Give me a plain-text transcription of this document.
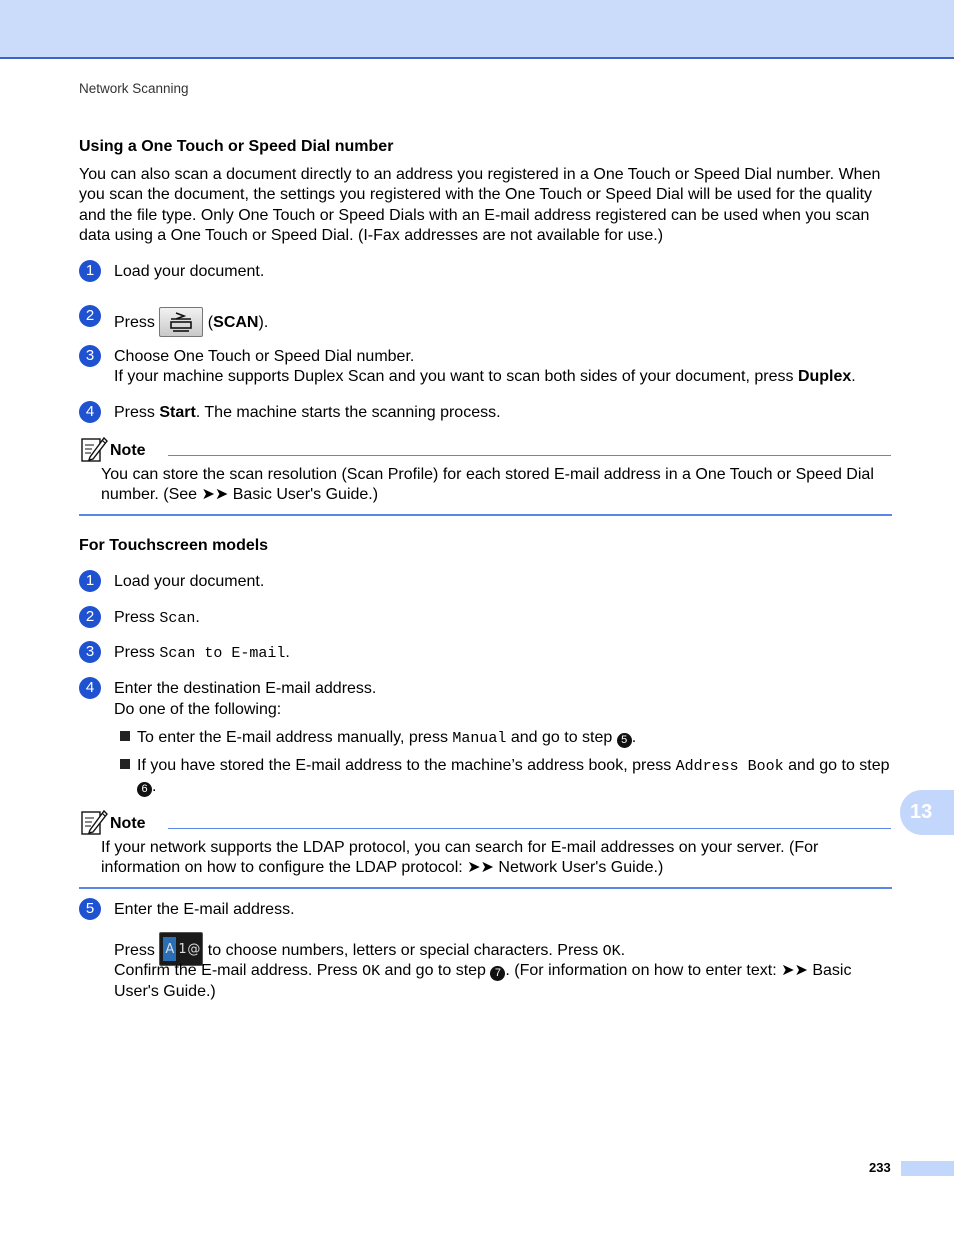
Network Scanning
Using a One Touch or Speed Dial number
You can also scan a document directly to an address you registered in a One Touch or Speed Dial number. When you scan the document, the settings you registered with the One Touch or Speed Dial will be used for the quality and the file type. Only One Touch or Speed Dials with an E-mail address registered can be used when you scan data using a One Touch or Speed Dial. (I-Fax addresses are not available for use.)
1	Load your document.
2	Press	(SCAN).
3	Choose One Touch or Speed Dial number.
If your machine supports Duplex Scan and you want to scan both sides of your document, press Duplex.
4	Press Start. The machine starts the scanning process.
Note
You can store the scan resolution (Scan Profile) for each stored E-mail address in a One Touch or Speed Dial number. (See ➤➤ Basic User's Guide.)
For Touchscreen models
1	Load your document.
2	Press Scan.
3	Press Scan to E-mail.
4	Enter the destination E-mail address.
Do one of the following:
To enter the E-mail address manually, press Manual and go to step 5 .
If you have stored the E-mail address to the machine’s address book, press Address Book and go to step 6 .
Note
If your network supports the LDAP protocol, you can search for E-mail addresses on your server. (For information on how to configure the LDAP protocol: ➤➤ Network User's Guide.)
5	Enter the E-mail address.
Press A 1 @ to choose numbers, letters or special characters. Press OK.
Confirm the E-mail address. Press OK and go to step 7 . (For information on how to enter text: ➤➤ Basic User's Guide.)
13
233
